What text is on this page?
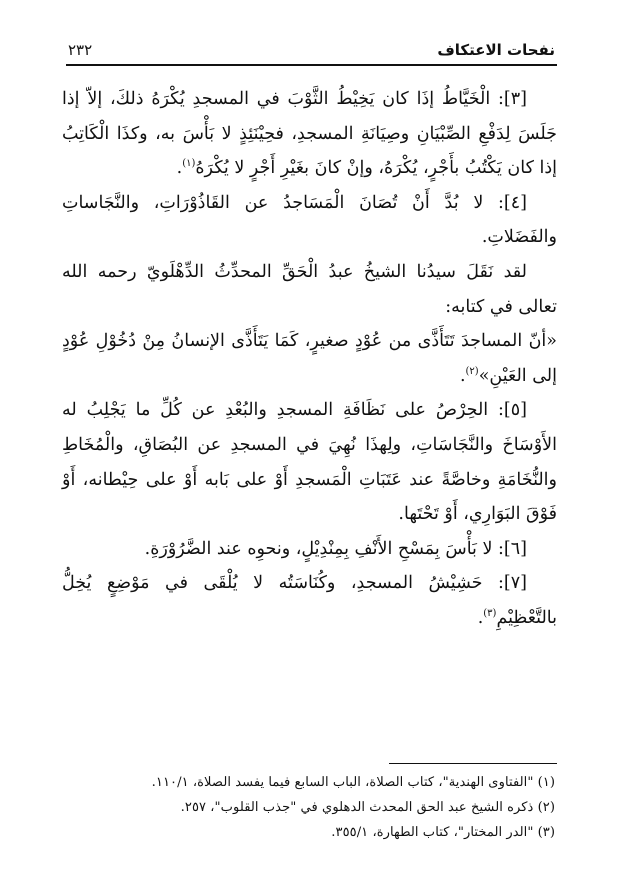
نفحات الاعتكاف
٢٣٢

[٣]: الْخَيَّاطُ إذَا كان يَخِيْطُ الثَّوْبَ في المسجدِ يُكْرَهُ ذلكَ، إلاّ إذا جَلَسَ لِدَفْعِ الصِّبْيَانِ وصِيَانَةِ المسجدِ، فحِيْنَئِذٍ لا بَأْسَ به، وكذَا الْكَاتِبُ إذا كان يَكْتُبُ بأَجْرٍ، يُكْرَهُ، وإنْ كانَ بغَيْرِ أَجْرٍ لا يُكْرَهُ$^{(١)}$.

[٤]: لا بُدَّ أَنْ تُصَانَ الْمَسَاجدُ عن القَاذُوْرَاتِ، والنَّجَاساتِ والفَضَلاتِ.

لقد نَقَلَ سيدُنا الشيخُ عبدُ الْحَقِّ المحدِّثُ الدِّهْلَويّ رحمه الله تعالى في كتابه:

«أنّ المساجدَ تَتَأَذَّى من عُوْدٍ صغيرٍ، كَمَا يَتَأَذَّى الإنسانُ مِنْ دُخُوْلِ عُوْدٍ إلى العَيْنِ»$^{(٢)}$.

[٥]: الحِرْصُ على نَظَافَةِ المسجدِ والبُعْدِ عن كُلِّ ما يَجْلِبُ له الأَوْسَاخَ والنَّجَاسَاتِ، ولِهذَا نُهِيَ في المسجدِ عن البُصَاقِ، والْمُخَاطِ والنُّخَامَةِ وخاصَّةً عند عَتَبَاتِ الْمَسجدِ أَوْ على بَابه أَوْ على حِيْطانه، أَوْ فَوْقَ البَوَارِي، أَوْ تَحْتَها.

[٦]: لا بَأْسَ بِمَسْحِ الأَنْفِ بِمِنْدِيْلٍ، ونحوِه عند الضَّرُوْرَةِ.

[٧]: حَشِيْشُ المسجدِ، وكُنَاسَتُه لا يُلْقَى في مَوْضِعٍ يُخِلُّ بالتَّعْظِيْمِ$^{(٣)}$.

(١) "الفتاوى الهندية"، كتاب الصلاة، الباب السابع فيما يفسد الصلاة، ١١٠/١.

(٢) ذكره الشيخ عبد الحق المحدث الدهلوي في "جذب القلوب"، ٢٥٧.

(٣) "الدر المختار"، كتاب الطهارة، ٣٥٥/١.
